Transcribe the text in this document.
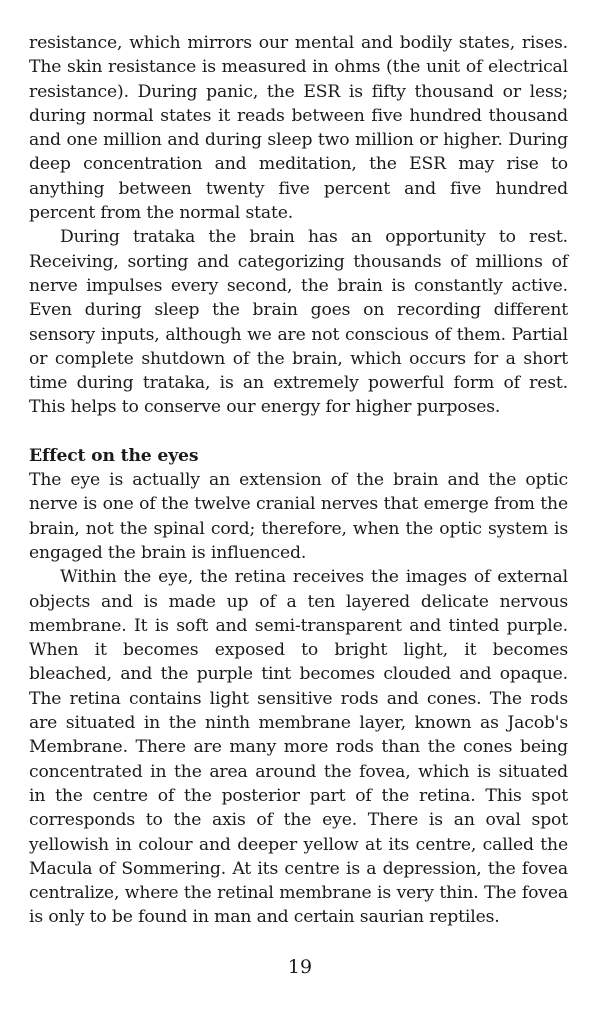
resistance, which mirrors our mental and bodily states, rises. The skin resistance is measured in ohms (the unit of electrical resistance). During panic, the ESR is fifty thousand or less; during normal states it reads between five hundred thousand and one million and during sleep two million or higher. During deep concentration and meditation, the ESR may rise to anything between twenty five percent and five hundred percent from the normal state.

During trataka the brain has an opportunity to rest. Receiving, sorting and categorizing thousands of millions of nerve impulses every second, the brain is constantly active. Even during sleep the brain goes on recording different sensory inputs, although we are not conscious of them. Partial or complete shutdown of the brain, which occurs for a short time during trataka, is an extremely powerful form of rest. This helps to conserve our energy for higher purposes.

Effect on the eyes

The eye is actually an extension of the brain and the optic nerve is one of the twelve cranial nerves that emerge from the brain, not the spinal cord; therefore, when the optic system is engaged the brain is influenced.

Within the eye, the retina receives the images of external objects and is made up of a ten layered delicate nervous membrane. It is soft and semi-transparent and tinted purple. When it becomes exposed to bright light, it becomes bleached, and the purple tint becomes clouded and opaque. The retina contains light sensitive rods and cones. The rods are situated in the ninth membrane layer, known as Jacob's Membrane. There are many more rods than the cones being concentrated in the area around the fovea, which is situated in the centre of the posterior part of the retina. This spot corresponds to the axis of the eye. There is an oval spot yellowish in colour and deeper yellow at its centre, called the Macula of Sommering. At its centre is a depression, the fovea centralize, where the retinal membrane is very thin. The fovea is only to be found in man and certain saurian reptiles.

19
